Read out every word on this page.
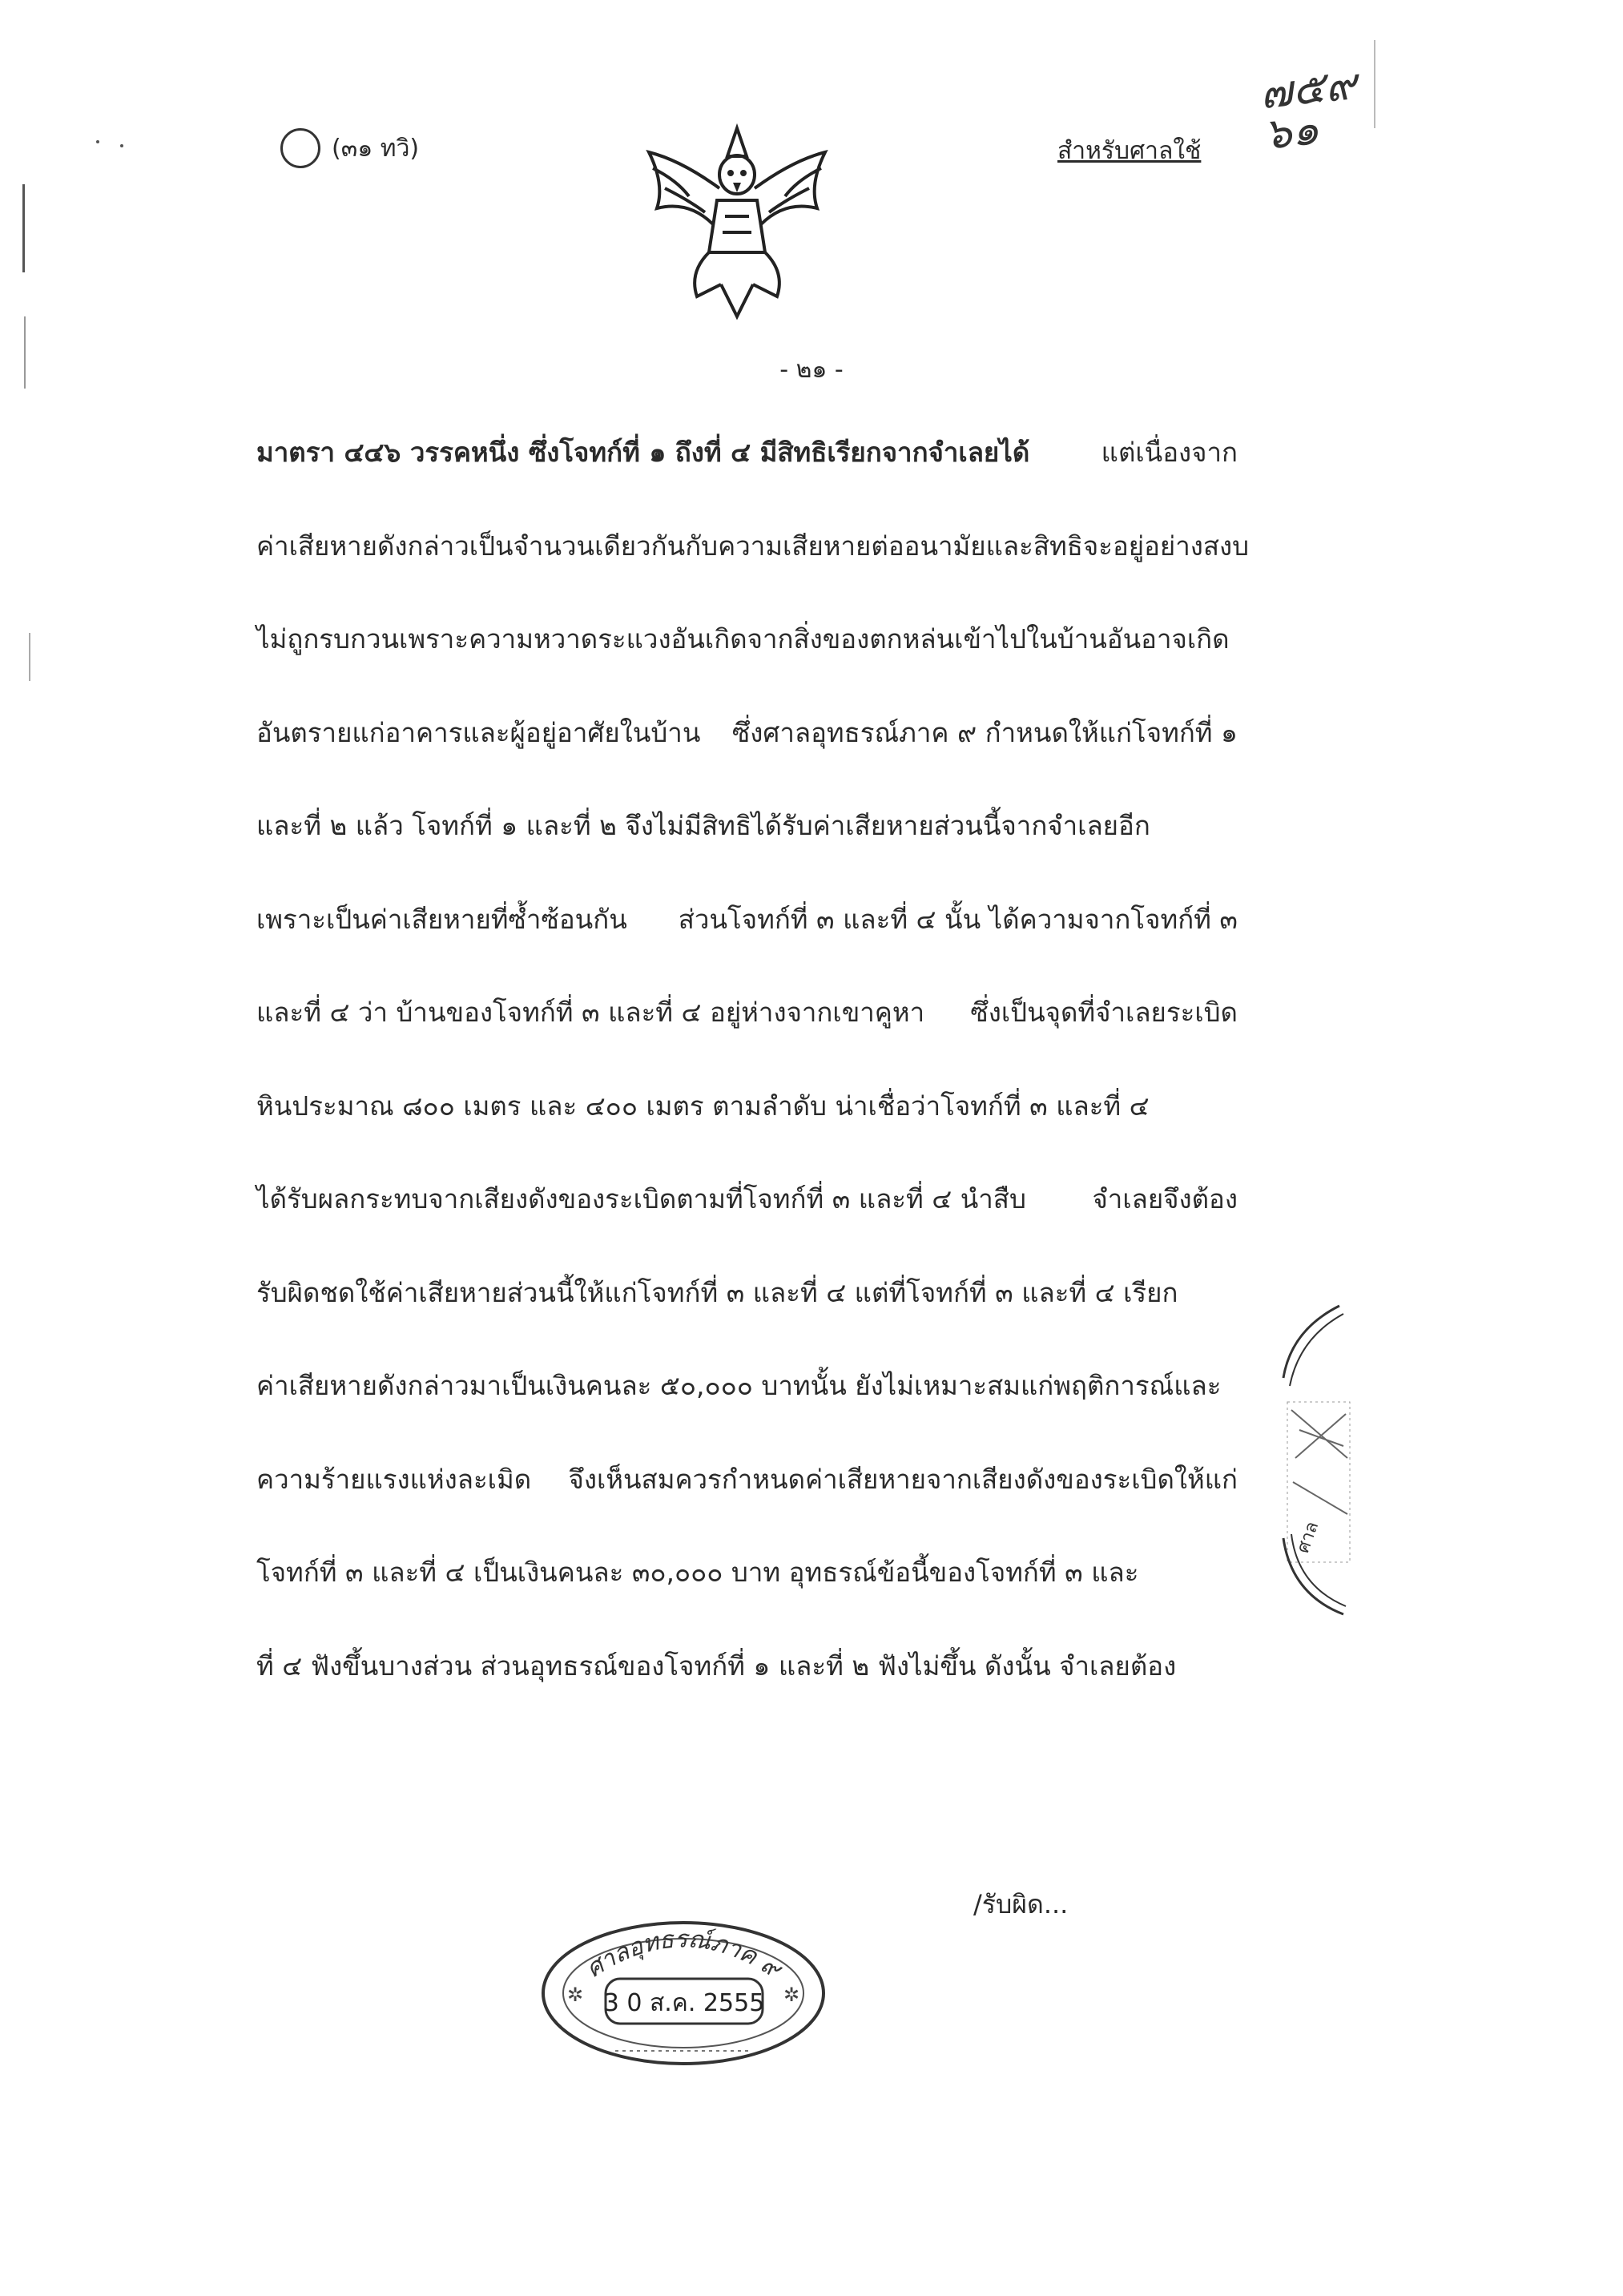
(๓๑ ทวิ)	สำหรับศาลใช้
๗๕๙
๖๑
- ๒๑ -
มาตรา ๔๔๖ วรรคหนึ่ง ซึ่งโจทก์ที่ ๑ ถึงที่ ๔ มีสิทธิเรียกจากจำเลยได้	แต่เนื่องจาก
ค่าเสียหายดังกล่าวเป็นจำนวนเดียวกันกับความเสียหายต่ออนามัยและสิทธิจะอยู่อย่างสงบ
ไม่ถูกรบกวนเพราะความหวาดระแวงอันเกิดจากสิ่งของตกหล่นเข้าไปในบ้านอันอาจเกิด
อันตรายแก่อาคารและผู้อยู่อาศัยในบ้าน ซึ่งศาลอุทธรณ์ภาค ๙ กำหนดให้แก่โจทก์ที่ ๑
และที่ ๒ แล้ว โจทก์ที่ ๑ และที่ ๒ จึงไม่มีสิทธิได้รับค่าเสียหายส่วนนี้จากจำเลยอีก
เพราะเป็นค่าเสียหายที่ซ้ำซ้อนกัน ส่วนโจทก์ที่ ๓ และที่ ๔ นั้น ได้ความจากโจทก์ที่ ๓
และที่ ๔ ว่า บ้านของโจทก์ที่ ๓ และที่ ๔ อยู่ห่างจากเขาคูหา ซึ่งเป็นจุดที่จำเลยระเบิด
หินประมาณ ๘๐๐ เมตร และ ๔๐๐ เมตร ตามลำดับ น่าเชื่อว่าโจทก์ที่ ๓ และที่ ๔
ได้รับผลกระทบจากเสียงดังของระเบิดตามที่โจทก์ที่ ๓ และที่ ๔ นำสืบ	จำเลยจึงต้อง
รับผิดชดใช้ค่าเสียหายส่วนนี้ให้แก่โจทก์ที่ ๓ และที่ ๔ แต่ที่โจทก์ที่ ๓ และที่ ๔ เรียก
ค่าเสียหายดังกล่าวมาเป็นเงินคนละ ๕๐,๐๐๐ บาทนั้น ยังไม่เหมาะสมแก่พฤติการณ์และ
ความร้ายแรงแห่งละเมิด จึงเห็นสมควรกำหนดค่าเสียหายจากเสียงดังของระเบิดให้แก่
โจทก์ที่ ๓ และที่ ๔ เป็นเงินคนละ ๓๐,๐๐๐ บาท อุทธรณ์ข้อนี้ของโจทก์ที่ ๓ และ
ที่ ๔ ฟังขึ้นบางส่วน ส่วนอุทธรณ์ของโจทก์ที่ ๑ และที่ ๒ ฟังไม่ขึ้น ดังนั้น จำเลยต้อง
/รับผิด...
ศาลอุทธรณ์ภาค ๙
3 0 ส.ค. 2555
✲	✲
ศาล
